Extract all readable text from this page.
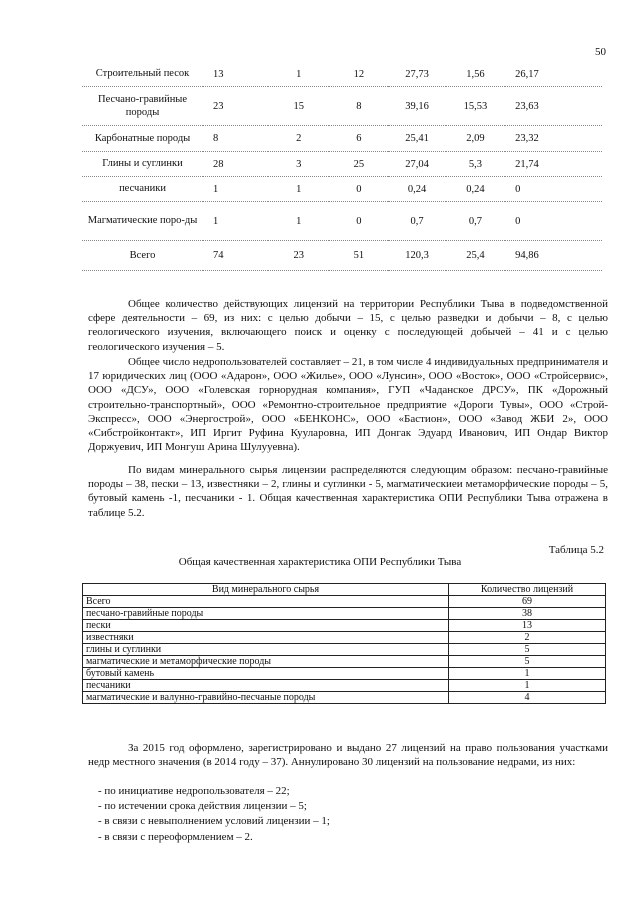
50
Строительный песок	13	1	12	27,73	1,56	26,17
Песчано-гравийные породы	23	15	8	39,16	15,53	23,63
Карбонатные породы	8	2	6	25,41	2,09	23,32
Глины и суглинки	28	3	25	27,04	5,3	21,74
песчаники	1	1	0	0,24	0,24	0
Магматические поро-ды	1	1	0	0,7	0,7	0
Всего	74	23	51	120,3	25,4	94,86

Общее количество действующих лицензий на территории Республики Тыва в подведомственной сфере деятельности – 69, из них: с целью добычи – 15, с целью разведки и добычи – 8, с целью геологического изучения, включающего поиск и оценку с последующей добычей – 41 и с целью геологического изучения – 5.

Общее число недропользователей составляет – 21, в том числе 4 индивидуальных предпринимателя и 17 юридических лиц (ООО «Адарон», ООО «Жилье», ООО «Лунсин», ООО «Восток», ООО «Стройсервис», ООО «ДСУ», ООО «Голевская горнорудная компания», ГУП «Чаданское ДРСУ», ПК «Дорожный строительно-транспортный», ООО «Ремонтно-строительное предприятие «Дороги Тувы», ООО «Строй-Экспресс», ООО «Энергострой», ООО «БЕНКОНС», ООО «Бастион», ООО «Завод ЖБИ 2», ООО «Сибстройконтакт», ИП Иргит Руфина Кууларовна, ИП Донгак Эдуард Иванович, ИП Ондар Виктор Доржуевич, ИП Монгуш Арина Шулууевна).

По видам минерального сырья лицензии распределяются следующим образом: песчано-гравийные породы – 38, пески – 13, известняки – 2, глины и суглинки - 5, магматическиеи метаморфические породы – 5, бутовый камень -1, песчаники - 1. Общая качественная характеристика ОПИ Республики Тыва отражена в таблице 5.2.

Таблица 5.2
Общая качественная характеристика ОПИ Республики Тыва
Вид минерального сырья	Количество лицензий
Всего	69
песчано-гравийные породы	38
пески	13
известняки	2
глины и суглинки	5
магматические и метаморфические породы	5
бутовый камень	1
песчаники	1
магматические и валунно-гравийно-песчаные породы	4

За 2015 год оформлено, зарегистрировано и выдано 27 лицензий на право пользования участками недр местного значения (в 2014 году – 37). Аннулировано 30 лицензий на пользование недрами, из них:

- по инициативе недропользователя – 22;
- по истечении срока действия лицензии – 5;
- в связи с невыполнением условий лицензии – 1;
- в связи с переоформлением – 2.
